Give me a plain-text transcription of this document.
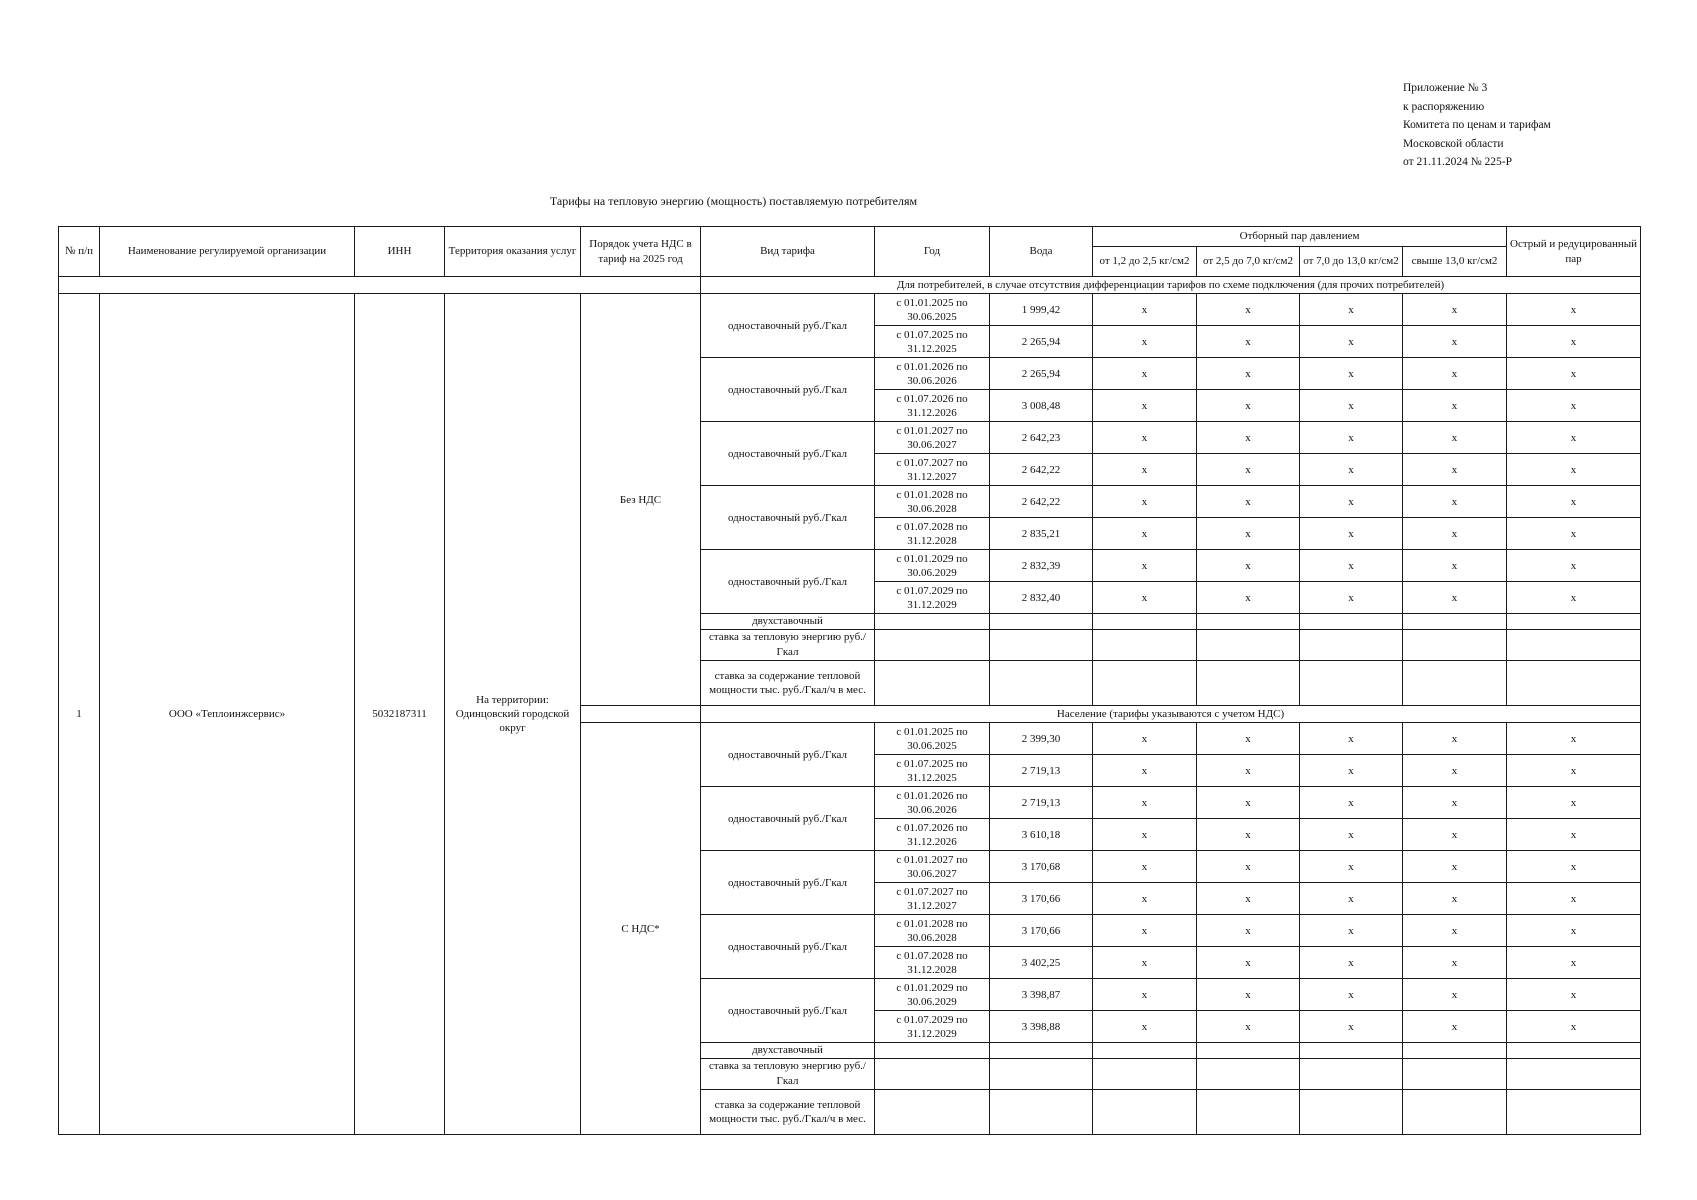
Приложение № 3
к распоряжению
Комитета по ценам и тарифам
Московской области
от 21.11.2024 № 225-Р
Тарифы на тепловую энергию (мощность) поставляемую потребителям
№ п/п	Наименование регулируемой организации	ИНН	Территория оказания услуг	Порядок учета НДС в тариф на 2025 год	Вид тарифа	Год	Вода	Отборный пар давлением				Острый и редуцированный пар
								от 1,2 до 2,5 кг/см2	от 2,5 до 7,0 кг/см2	от 7,0 до 13,0 кг/см2	свыше 13,0 кг/см2	
					Для потребителей, в случае отсутствия дифференциации тарифов по схеме подключения (для прочих потребителей)							
1	ООО «Теплоинжсервис»	5032187311	На территории: Одинцовский городской округ	Без НДС	одноставочный руб./Гкал	с 01.01.2025 по 30.06.2025	1 999,42	x	x	x	x	x
						с 01.07.2025 по 31.12.2025	2 265,94	x	x	x	x	x
					одноставочный руб./Гкал	с 01.01.2026 по 30.06.2026	2 265,94	x	x	x	x	x
						с 01.07.2026 по 31.12.2026	3 008,48	x	x	x	x	x
					одноставочный руб./Гкал	с 01.01.2027 по 30.06.2027	2 642,23	x	x	x	x	x
						с 01.07.2027 по 31.12.2027	2 642,22	x	x	x	x	x
					одноставочный руб./Гкал	с 01.01.2028 по 30.06.2028	2 642,22	x	x	x	x	x
						с 01.07.2028 по 31.12.2028	2 835,21	x	x	x	x	x
					одноставочный руб./Гкал	с 01.01.2029 по 30.06.2029	2 832,39	x	x	x	x	x
						с 01.07.2029 по 31.12.2029	2 832,40	x	x	x	x	x
					двухставочный							
					ставка за тепловую энергию руб./Гкал							
					ставка за содержание тепловой мощности тыс. руб./Гкал/ч в мес.							
					Население (тарифы указываются с учетом НДС)							
				С НДС*	одноставочный руб./Гкал	с 01.01.2025 по 30.06.2025	2 399,30	x	x	x	x	x
						с 01.07.2025 по 31.12.2025	2 719,13	x	x	x	x	x
					одноставочный руб./Гкал	с 01.01.2026 по 30.06.2026	2 719,13	x	x	x	x	x
						с 01.07.2026 по 31.12.2026	3 610,18	x	x	x	x	x
					одноставочный руб./Гкал	с 01.01.2027 по 30.06.2027	3 170,68	x	x	x	x	x
						с 01.07.2027 по 31.12.2027	3 170,66	x	x	x	x	x
					одноставочный руб./Гкал	с 01.01.2028 по 30.06.2028	3 170,66	x	x	x	x	x
						с 01.07.2028 по 31.12.2028	3 402,25	x	x	x	x	x
					одноставочный руб./Гкал	с 01.01.2029 по 30.06.2029	3 398,87	x	x	x	x	x
						с 01.07.2029 по 31.12.2029	3 398,88	x	x	x	x	x
					двухставочный							
					ставка за тепловую энергию руб./Гкал							
					ставка за содержание тепловой мощности тыс. руб./Гкал/ч в мес.							
